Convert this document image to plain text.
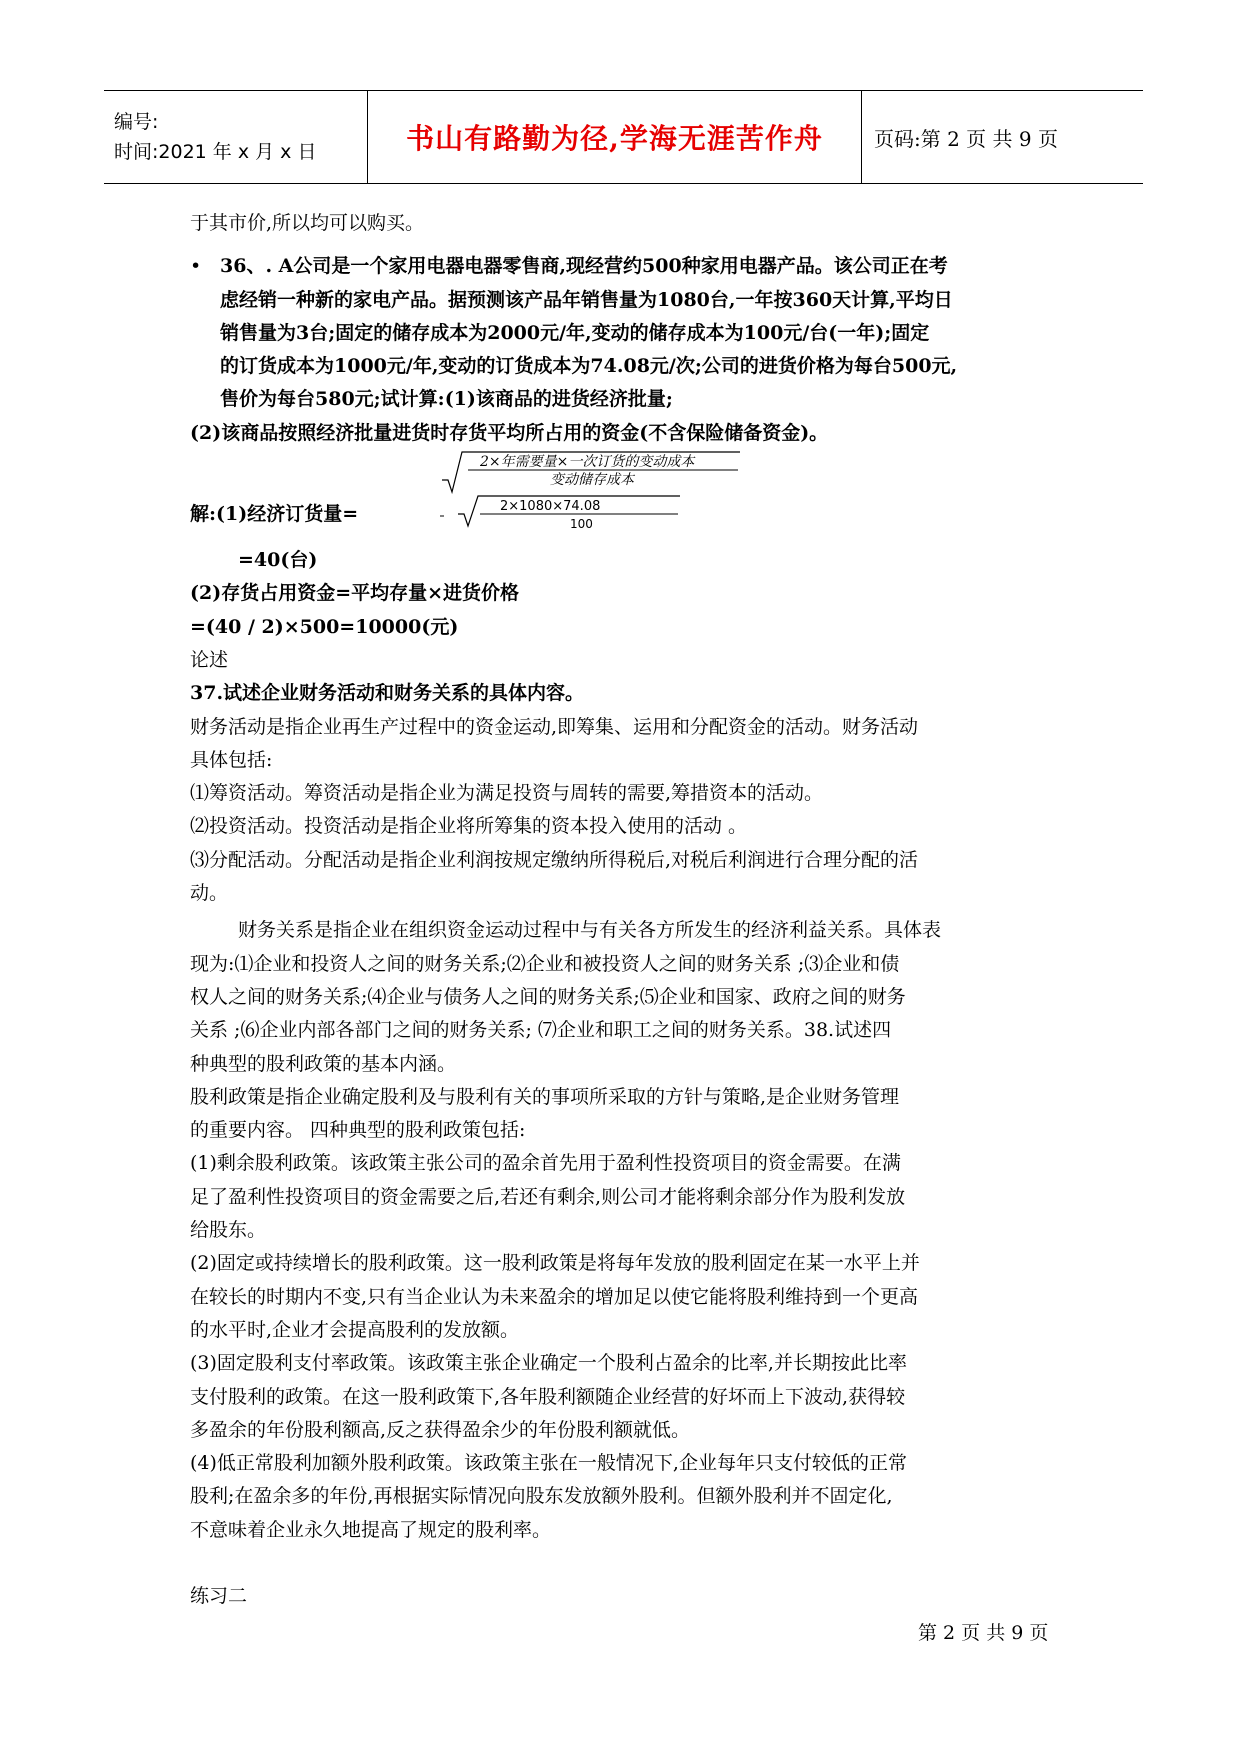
编号:
时间:2021 年 x 月 x 日	书山有路勤为径,学海无涯苦作舟	页码:第 2 页 共 9 页
于其市价,所以均可以购买。
• 36、. A公司是一个家用电器电器零售商,现经营约500种家用电器产品。该公司正在考
虑经销一种新的家电产品。据预测该产品年销售量为1080台,一年按360天计算,平均日
销售量为3台;固定的储存成本为2000元/年,变动的储存成本为100元/台(一年);固定
的订货成本为1000元/年,变动的订货成本为74.08元/次;公司的进货价格为每台500元,
售价为每台580元;试计算:(1)该商品的进货经济批量;
(2)该商品按照经济批量进货时存货平均所占用的资金(不含保险储备资金)。
解:(1)经济订货量=
2×年需要量×一次订货的变动成本
变动储存成本
2×1080×74.08
100
=40(台)
(2)存货占用资金=平均存量×进货价格
=(40 / 2)×500=10000(元)
论述
37.试述企业财务活动和财务关系的具体内容。
财务活动是指企业再生产过程中的资金运动,即筹集、运用和分配资金的活动。财务活动
具体包括:
⑴筹资活动。筹资活动是指企业为满足投资与周转的需要,筹措资本的活动。
⑵投资活动。投资活动是指企业将所筹集的资本投入使用的活动 。
⑶分配活动。分配活动是指企业利润按规定缴纳所得税后,对税后利润进行合理分配的活
动。
财务关系是指企业在组织资金运动过程中与有关各方所发生的经济利益关系。具体表
现为:⑴企业和投资人之间的财务关系;⑵企业和被投资人之间的财务关系 ;⑶企业和债
权人之间的财务关系;⑷企业与债务人之间的财务关系;⑸企业和国家、政府之间的财务
关系 ;⑹企业内部各部门之间的财务关系; ⑺企业和职工之间的财务关系。38.试述四
种典型的股利政策的基本内涵。
股利政策是指企业确定股利及与股利有关的事项所采取的方针与策略,是企业财务管理
的重要内容。 四种典型的股利政策包括:
(1)剩余股利政策。该政策主张公司的盈余首先用于盈利性投资项目的资金需要。在满
足了盈利性投资项目的资金需要之后,若还有剩余,则公司才能将剩余部分作为股利发放
给股东。
(2)固定或持续增长的股利政策。这一股利政策是将每年发放的股利固定在某一水平上并
在较长的时期内不变,只有当企业认为未来盈余的增加足以使它能将股利维持到一个更高
的水平时,企业才会提高股利的发放额。
(3)固定股利支付率政策。该政策主张企业确定一个股利占盈余的比率,并长期按此比率
支付股利的政策。在这一股利政策下,各年股利额随企业经营的好坏而上下波动,获得较
多盈余的年份股利额高,反之获得盈余少的年份股利额就低。
(4)低正常股利加额外股利政策。该政策主张在一般情况下,企业每年只支付较低的正常
股利;在盈余多的年份,再根据实际情况向股东发放额外股利。但额外股利并不固定化,
不意味着企业永久地提高了规定的股利率。
练习二
第 2 页 共 9 页
